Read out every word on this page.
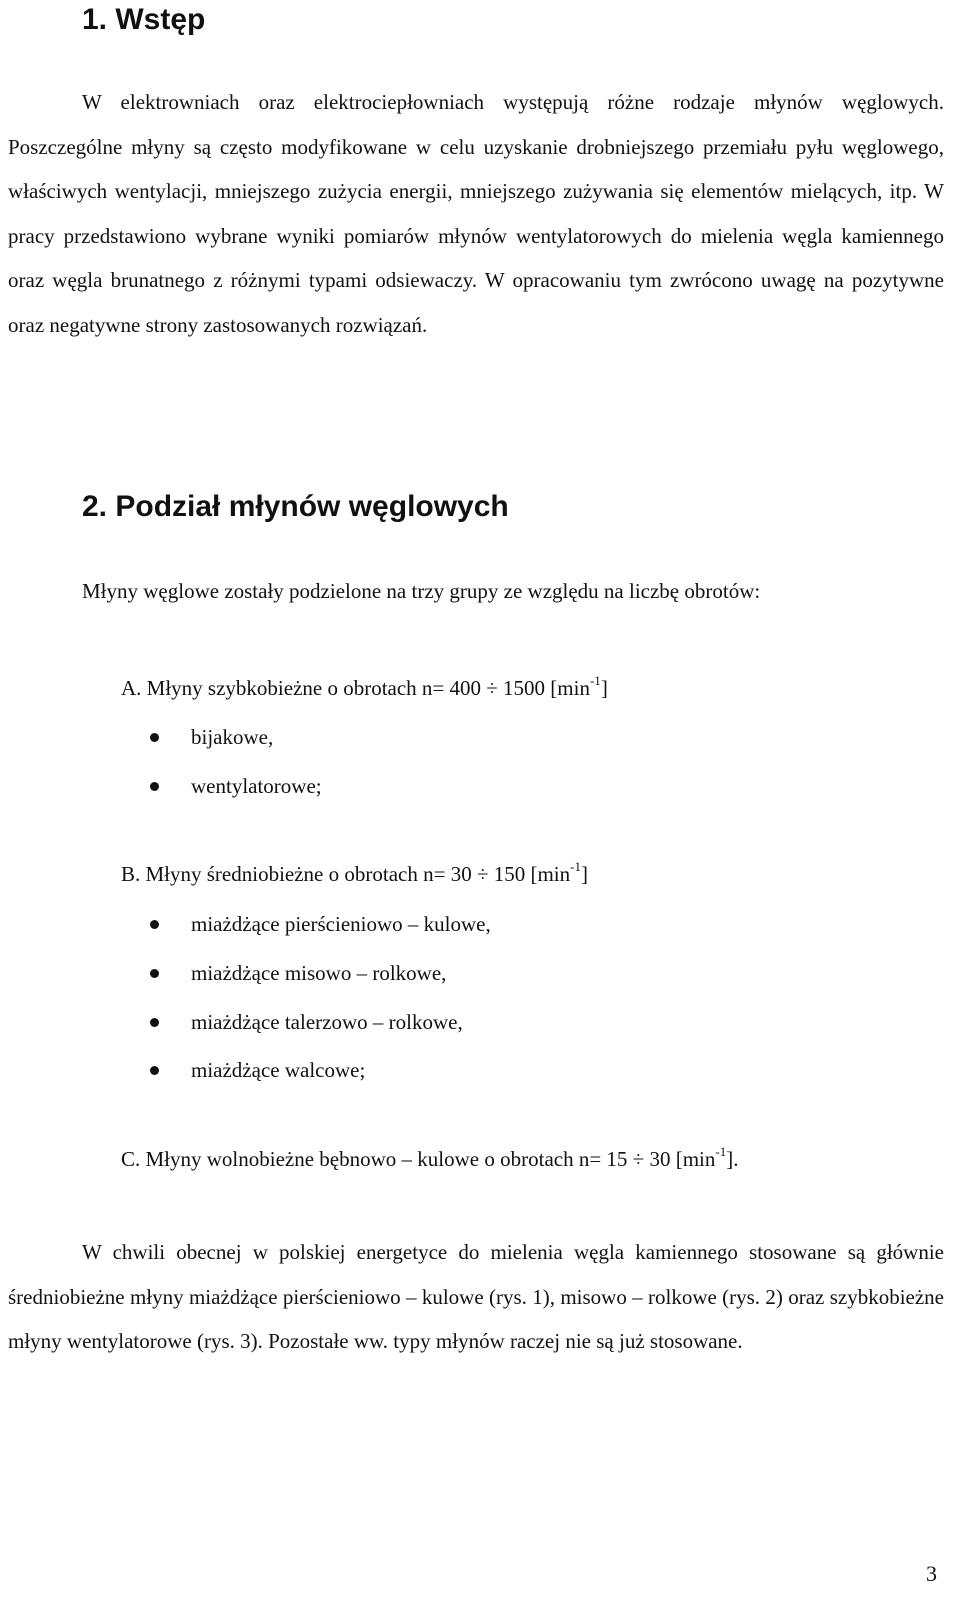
1. Wstęp

W elektrowniach oraz elektrociepłowniach występują różne rodzaje młynów węglowych. Poszczególne młyny są często modyfikowane w celu uzyskanie drobniejszego przemiału pyłu węglowego, właściwych wentylacji, mniejszego zużycia energii, mniejszego zużywania się elementów mielących, itp. W pracy przedstawiono wybrane wyniki pomiarów młynów wentylatorowych do mielenia węgla kamiennego oraz węgla brunatnego z różnymi typami odsiewaczy. W opracowaniu tym zwrócono uwagę na pozytywne oraz negatywne strony zastosowanych rozwiązań.

2. Podział młynów węglowych

Młyny węglowe zostały podzielone na trzy grupy ze względu na liczbę obrotów:

A. Młyny szybkobieżne o obrotach n= 400 ÷ 1500 $[\min^{-1}]$

bijakowe,
wentylatorowe;

B. Młyny średniobieżne o obrotach n= 30 ÷ 150 $[\min^{-1}]$

miażdżące pierścieniowo – kulowe,
miażdżące misowo – rolkowe,
miażdżące talerzowo – rolkowe,
miażdżące walcowe;

C. Młyny wolnobieżne bębnowo – kulowe o obrotach n= 15 ÷ 30 $[\min^{-1}]$.

W chwili obecnej w polskiej energetyce do mielenia węgla kamiennego stosowane są głównie średniobieżne młyny miażdżące pierścieniowo – kulowe (rys. 1), misowo – rolkowe (rys. 2) oraz szybkobieżne młyny wentylatorowe (rys. 3). Pozostałe ww. typy młynów raczej nie są już stosowane.

3
